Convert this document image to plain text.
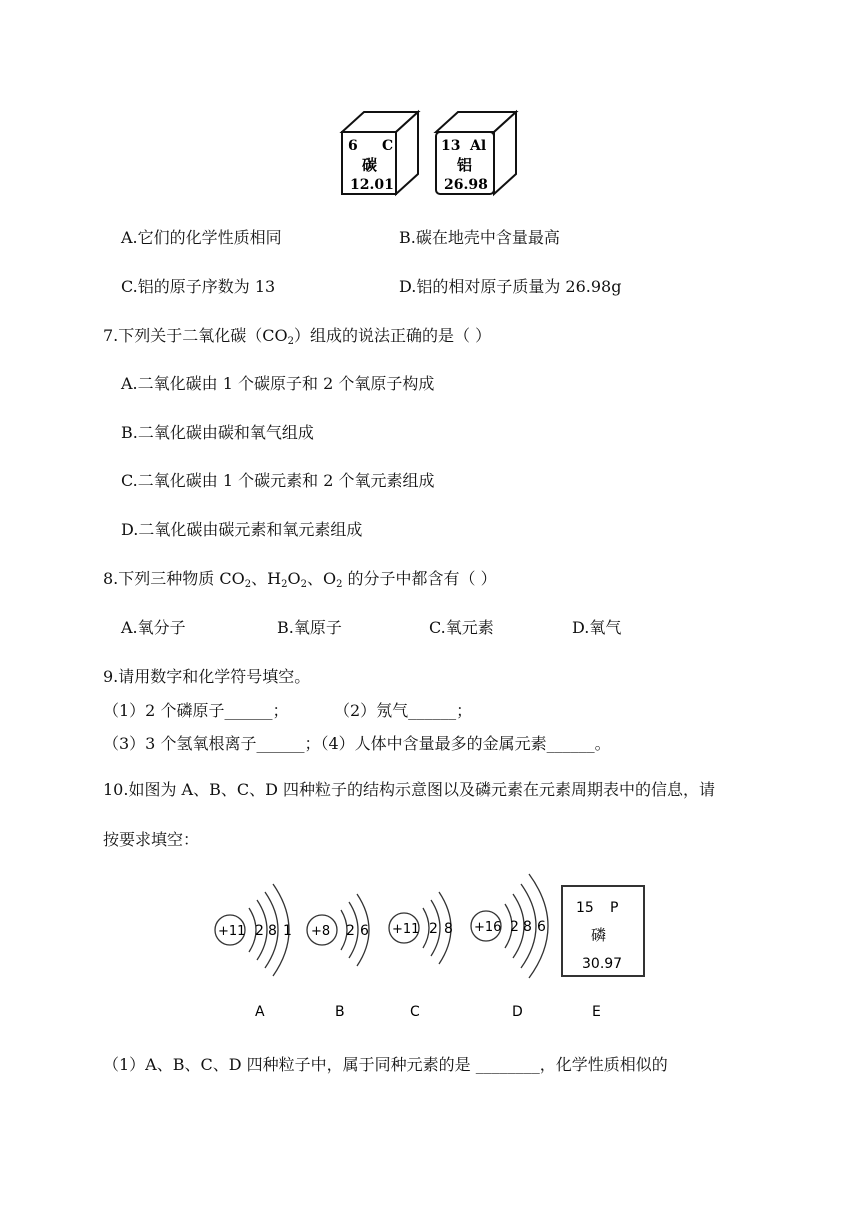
6 C
碳
12.01
13 Al
铝
26.98
A.它们的化学性质相同	B.碳在地壳中含量最高
C.铝的原子序数为 13	D.铝的相对原子质量为 26.98g
7.下列关于二氧化碳$(CO_2)$组成的说法正确的是（ ）
A.二氧化碳由 1 个碳原子和 2 个氧原子构成
B.二氧化碳由碳和氧气组成
C.二氧化碳由 1 个碳元素和 2 个氧元素组成
D.二氧化碳由碳元素和氧元素组成
8.下列三种物质 $CO_2$、$H_2O_2$、$O_2$ 的分子中都含有（ ）
A.氧分子	B.氧原子	C.氧元素	D.氧气
9.请用数字和化学符号填空。
（1）2 个磷原子______；	（2）氖气______；
（3）3 个氢氧根离子______；（4）人体中含量最多的金属元素______。
10.如图为 A、B、C、D 四种粒子的结构示意图以及磷元素在元素周期表中的信息，请
按要求填空：
+11 2 8 1 +8 2 6 +11 2 8 +16 2 8 6
15 P
磷
30.97
A	B	C	D	E
（1）A、B、C、D 四种粒子中，属于同种元素的是 ________，化学性质相似的
